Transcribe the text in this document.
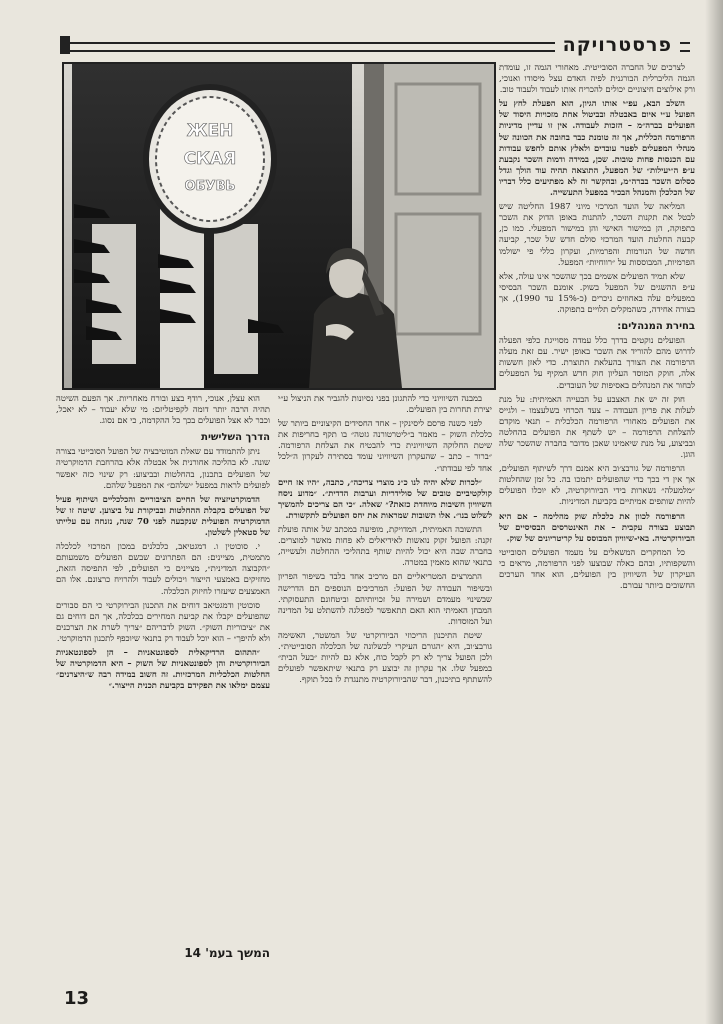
פרסטרויקה
ЖЕН
СКАЯ
ОБУВЬ

לצרכים של החברה הסובייטית. מאחורי הגמה זו, עומדת הגמה הליברלית הבורגנית לפיה האדם עצל מיסודו ואנוכי, ורק אילוצים חיצוניים יכולים להכריח אותו לעבוד ולעבוד טוב.

השלב הבא, עפ״י אותו הגיון, הוא הפעלת לחץ על הפועל ע״י איום באבטלה ובביטול אחת מזכויות היסוד של הפועלים בברה״מ – הזכות לעבודה. אין זו עדיין מדיניות הרפורמה הכללית, אך זה טומנת כבר בחובה את הכוונה של מנהלי המפעלים לפטר עובדים ולאלץ אותם לחפש עבודות עם הכנסות פחות טובות. שכן, במידה ודמות השכר נקבעת ע״פ ה״יעילות״ של המפעל, התוצאה תהיה עוד הולך וגדל כסלום השכר בברה״מ, ובהקשר זה לא מפתיעים כלל דבריו של הכלכלן והמנהל הבכיר במפעל התעשייה.

המליאה של הועד המרכזי מיוני 1987 החליטה שיש לבטל את תקנות השכר, להתנות באופן הדוק את השכר בתפוקה, הן במישור האישי והן במישור המפעלי. כמו כן, קבעה החלטת הועד המרכזי סולם חדש של שכר, קביעה חדשה של הנורמות והפרמיות, ועקרון כללי פי ישולמו הפרמיות, המבוססות על ״רווחיות״ המפעל.

שלא תמיד הפועלים אשמים בכך שהשכר אינו עולה, אלא ע״פ ההשגים של המפעל בשוק. אומנם השכר הבסיסי במפעלים עלה באחוזים ניכרים (כ-15% עד 1990), אך בצורה אחידה, כשהמקלים תלויים בתפוקה.

בחירת המנהלים:

הפועלים נוקטים בדרך כלל עמדה מסוייגת כלפי הפעלה לדרוש מהם להוריד את השכר באופן ישיר. עם זאת מעלה הרפורמה את הצורך בהעלאת התוצרת. כדי לאזן חששות אלה, חוקק המוסד העליון חוק חדש המקיף על המפעלים לבחור את המנהלים באסיפות של העובדים.

חוק זה יש את האצבע על הבעייה האמיתית: על מנת לעלות את פריון העבודה – צעד הכרחי בשלעצמו – ולגייס את הפועלים מאחורי הרפורמה הכלכלית – תנאי מוקדם להצלחת הרפורמה – יש לשתף את הפועלים בהחלטה ובביצוע, על מנת שיאמינו שאכן מדובר בחברה שהשכר שלה הוגן.

הרפורמה של גורבצ׳וב היא אמנם דרך לשיתוף הפועלים, אך אין די בכך כדי שהפועלים יתמכו בה. כל זמן שהחלטות ״מלמעלה״ נשארות בידי הביורוקרטיה, לא יוכלו הפועלים להיות שותפים אמיתיים בקביעת המדיניות.

הרפורמה לכוון את כלכלת שוק מהלימה – אם היא תבוצע בצורה עקבית – את האינטרסים הבסיסיים של הביורוקרטיה. באי-שיוויון המבוסס על קריטריונים של שוק.

כל המחקרים המשאלים על מעמד הפועלים הסובייטי והשקפותיו, ובהם כאלה שבוצעו לפני הרפורמה, מראים כי העיקרון של השיוויון בין הפועלים, הוא אחד הערכים החשובים ביותר עבורם.

במבנה השיוויוני כדי להתגונן בפני נסיונות להגביר את הניצול ע״י יצירת תחרות בין הפועלים.

לפני כשנה פרסם ליסינקין – אחד החסידים הקיצוניים ביותר של כלכלת השוק – מאמר ב״ליטרטורנה גזטה״ בו תקף בחריפות את שיטת החלוקה השיוויונית כדי להבטיח את הצלחת הרפורמה. ״ברור – כתב – שהעקרון השיוויוני עומד בסתירה לעקרון ה״לכל אחד לפי עבודתו״.

״לכרות שלא יהיה לנו כ״נ מוצרי צריכה״, כתבה, ״היו אז חיים קולקטיביים טובים של סולידריות וערבות הדדית״. ״מדוע ניסח השיוויון חשיבות מיוחדת כזאת?״ שאלה. ״כי הם צריכים להמשיך לשלוט בנו״. אלו תשובות שמראות את יחס הפועלים לתקשורת.

התשובה האמיתית, המדויקת, מופיעה במכתב של אותה פועלת זקנה: הפועל זקוק נואשות לאידיאלים לא פחות מאשר למוצרים. בחברה שבה היא יכול להיות שותף בתהליכי ההחלטה ולעשייה, בתנאי שהוא מאמין במטרה.

התמרצים המטריאליים הם מרכיב אחד בלבד בשיפור הפריון ובשיפור העבודה של הפועל: המרכיבים הנוספים הם הדרישה שבשינוי מעמדם ושמירה על זכויותיהם וביטחונם התעסוקתי. המבחן האמיתי הוא האם תתאפשר למפלגה להשתלט על המדינה ועל המוסדות.

שיטת התיכנון הריכוזי הביורוקרטי של המשטר, האשימה גורבצ׳וב, היא ״הגורם העיקרי לכשלונה של הכלכלה הסובייטית״. ולכן הפועל צריך לא רק לקבל כוח, אלא גם להיות ״בעל הבית״ במפעל שלו. אך עקרון זה יבוצע רק בתנאי שיתאפשר לפועלים להשתתף בתיכנון, דבר שהביורוקרטיה מתנגדת לו בכל תוקף.

הוא עצלן, אנוכי, רודף בצע ובורח מאחריות. אך הפעם השיטה תהיה הרבה יותר דומה לקפיטליזם: מי שלא יעבוד – לא יאכל, וכבר לא אצל הפועלים בכך כל ההקדמה, כי אם נסוג.

הדרך השלישית

ניתן להתמודד עם שאלת המוטיבציה של הפועל הסובייטי בצורה שונה. לא בהליכה אחורנית אל אבטלה אלא בהרחבת הדמוקרטיה של הפועלים בתכנון, בהחלטות ובביצוע: רק שינוי כזה יאפשר לפועלים לראות במפעל ״שלהם״ את המפעל שלהם.

הדמוקרטיזציה של החיים הציבוריים והכלכליים ושיתוף פעיל של הפועלים בקבלת ההחלטות ובביקורת על ביצוען. שיטה זו של הדמוקרטיה הפועלית שנקבעה לפני 70 שנה, נזנחה עם עלייתו של סטאלין לשלטון.

י. סוכוטין ו. דמגטיאב, כלכלנים במכון המרכזי לכלכלה מתמטית, מציינים: הם הפתרונים שבשם הפועלים משמעותם ״הקבוצה המדינית״, מציינים כי הפועלים, לפי התפיסה הזאת, מחזיקים באמצעי הייצור ויכולים לעבוד ולהרויח כרצונם. אלו הם האמצעים שיעזרו לחיזוק הכלכלה.

סוכוטין ודמגטיאב דוחים את התכנון הבירוקרטי כי הם סבורים שהפועלים יקבלו את קביעת המחירים בכלכלה, אך הם דוחים גם את ״ציבוריות השוק״. השוק לדבריהם ״צריך לשרת את הצרכנים ולא להיפך״ – הוא יוכל לעבוד רק בתנאי שיוכפף לתכנון הדמוקרטי.

״התהום הרדיקאלית לספונטאניות – הן לספונטאניות הביורוקרטית והן לספונטאניות של השוק – היא הדמוקרטיה של החלטות הכלכליות המרכזיות. זה חשוב במידה רבה ש״היצרנים״ עצמם ימלאו את תפקידם בקביעת תכנית הייצור.״

המשך בעמ' 14
13
